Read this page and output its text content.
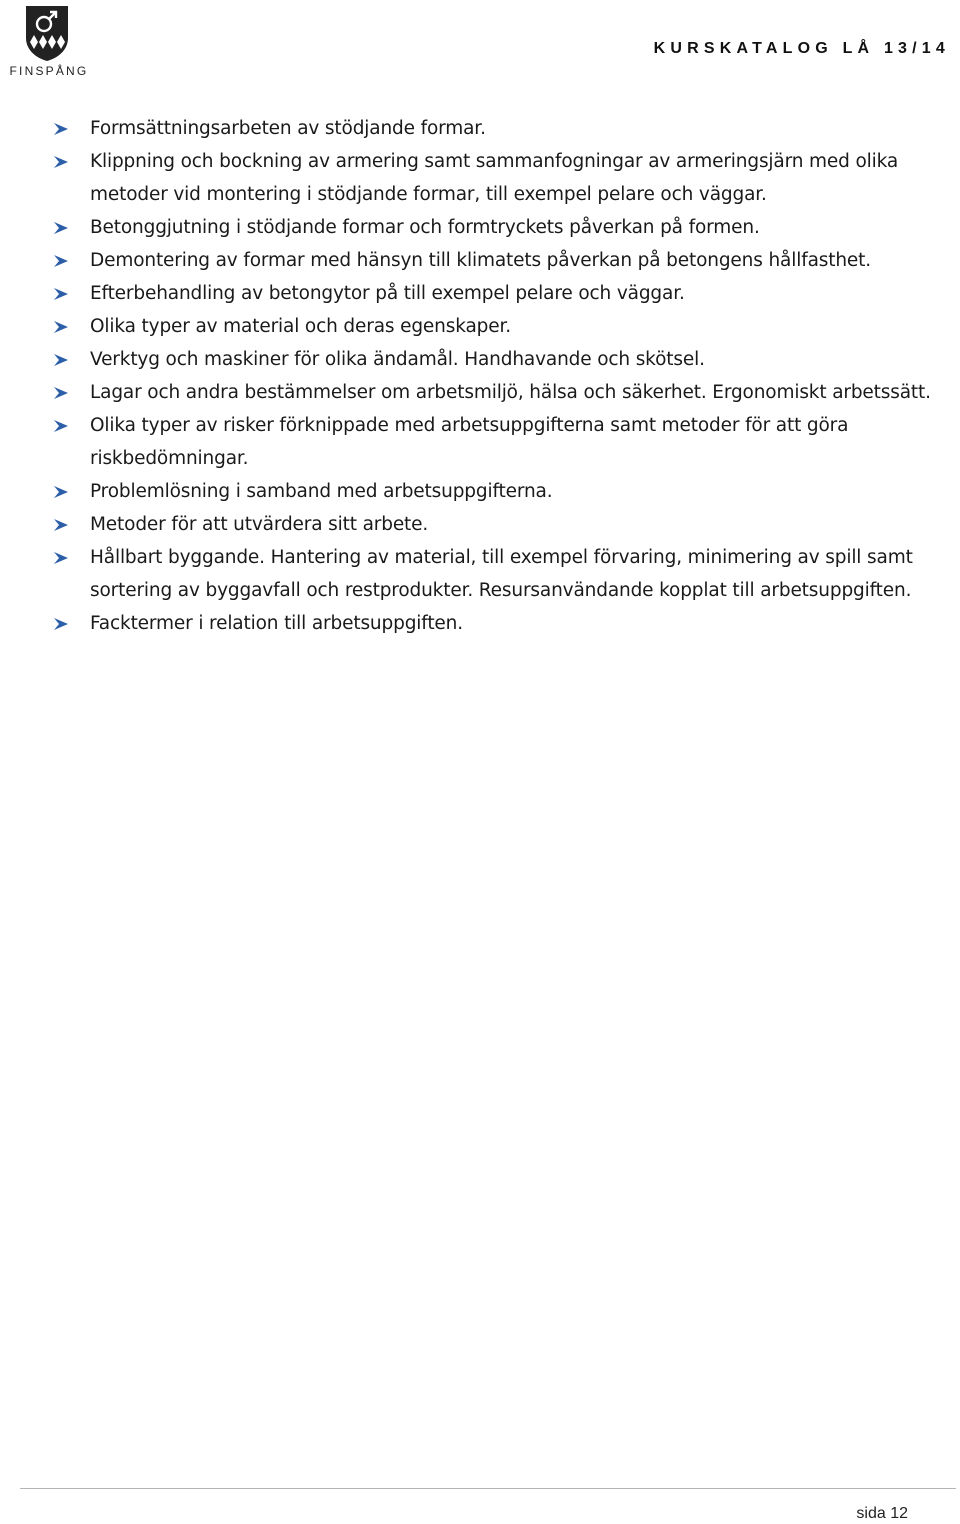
FINSPÅNG
KURSKATALOG LÅ 13/14
Formsättningsarbeten av stödjande formar.
Klippning och bockning av armering samt sammanfogningar av armeringsjärn med olika metoder vid montering i stödjande formar, till exempel pelare och väggar.
Betonggjutning i stödjande formar och formtryckets påverkan på formen.
Demontering av formar med hänsyn till klimatets påverkan på betongens hållfasthet.
Efterbehandling av betongytor på till exempel pelare och väggar.
Olika typer av material och deras egenskaper.
Verktyg och maskiner för olika ändamål. Handhavande och skötsel.
Lagar och andra bestämmelser om arbetsmiljö, hälsa och säkerhet. Ergonomiskt arbetssätt.
Olika typer av risker förknippade med arbetsuppgifterna samt metoder för att göra riskbedömningar.
Problemlösning i samband med arbetsuppgifterna.
Metoder för att utvärdera sitt arbete.
Hållbart byggande. Hantering av material, till exempel förvaring, minimering av spill samt sortering av byggavfall och restprodukter. Resursanvändande kopplat till arbetsuppgiften.
Facktermer i relation till arbetsuppgiften.
sida 12
